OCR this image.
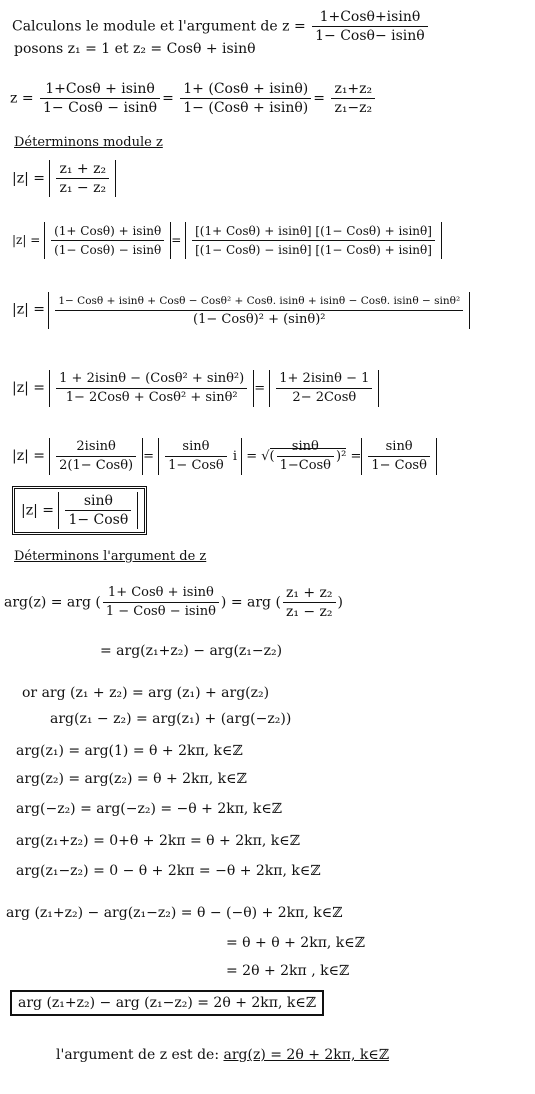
Calculons le module et l'argument de $z = \frac{\text{1+Cosθ+isinθ}}{\text{1− Cosθ− isinθ}}$
posons z₁ = 1 et z₂ = Cosθ + isinθ
$z = \frac{\text{1+Cosθ + isinθ}}{\text{1− Cosθ − isinθ}} = \frac{\text{1+ (Cosθ + isinθ)}}{\text{1− (Cosθ + isinθ)}} = \frac{\text{z₁+z₂}}{\text{z₁−z₂}}$
Déterminons module z
$|z| = \frac{\text{z₁ + z₂}}{\text{z₁ − z₂}}$
$|z| = \frac{\text{(1+ Cosθ) + isinθ}}{\text{(1− Cosθ) − isinθ}} = \frac{\text{[(1+ Cosθ) + isinθ] [(1− Cosθ) + isinθ]}}{\text{[(1− Cosθ) − isinθ] [(1− Cosθ) + isinθ]}}$
|z| =
1− Cosθ + isinθ + Cosθ − Cosθ² + Cosθ. isinθ + isinθ − Cosθ. isinθ − sinθ²
(1− Cosθ)² + (sinθ)²
$|z| = \frac{\text{1 + 2isinθ − (Cosθ² + sinθ²)}}{\text{1− 2Cosθ + Cosθ² + sinθ²}} = \frac{1+ 2isin\theta - 1}{\text{2− 2Cosθ}}$
$|z| = \frac{2isin\theta}{\text{2(1− Cosθ)}} = \frac{\sin\theta}{\text{1− Cosθ}}$ i = √( $\frac{\sin\theta}{\text{1−Cosθ}} )^2 = \frac{\sin\theta}{\text{1− Cosθ}}$
$|z| = \frac{\sin\theta}{\text{1− Cosθ}}$
Déterminons l'argument de z
arg(z) = arg ( $\frac{\text{1+ Cosθ + isinθ}}{\text{1 − Cosθ − isinθ}}$ ) = arg ( $\frac{\text{z₁ + z₂}}{\text{z₁ − z₂}}$ )
= arg(z₁+z₂) − arg(z₁−z₂)
or arg (z₁ + z₂) = arg (z₁) + arg(z₂)
arg(z₁ − z₂) = arg(z₁) + (arg(−z₂))
arg(z₁) = arg(1) = θ + 2kπ, k∈ℤ
arg(z₂) = arg(z₂) = θ + 2kπ, k∈ℤ
arg(−z₂) = arg(−z₂) = −θ + 2kπ, k∈ℤ
arg(z₁+z₂) = 0+θ + 2kπ = θ + 2kπ, k∈ℤ
arg(z₁−z₂) = 0 − θ + 2kπ = −θ + 2kπ, k∈ℤ
arg (z₁+z₂) − arg(z₁−z₂) = θ − (−θ) + 2kπ, k∈ℤ
= θ + θ + 2kπ, k∈ℤ
= 2θ + 2kπ , k∈ℤ
arg (z₁+z₂) − arg (z₁−z₂) = 2θ + 2kπ, k∈ℤ
l'argument de z est de: arg(z) = 2θ + 2kπ, k∈ℤ
